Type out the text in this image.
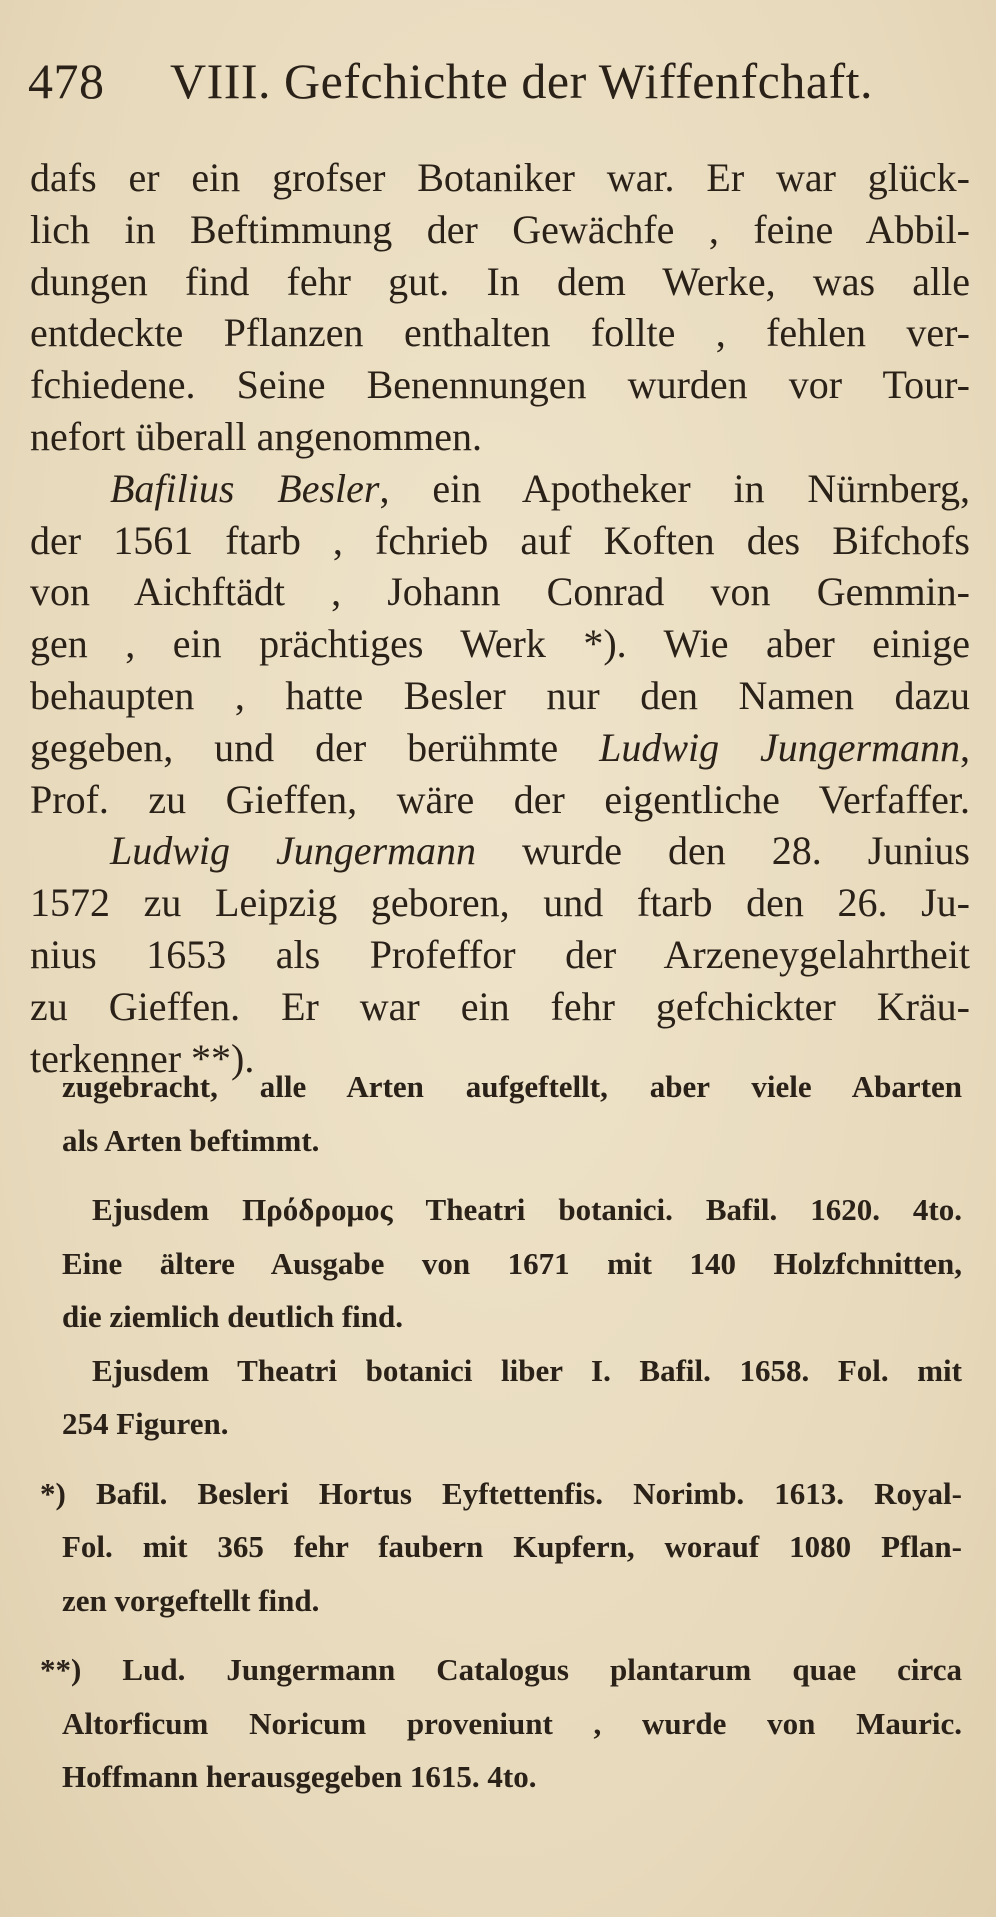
478 VIII. Gefchichte der Wiffenfchaft.
dafs er ein grofser Botaniker war. Er war glück-
lich in Beftimmung der Gewächfe , feine Abbil-
dungen find fehr gut. In dem Werke, was alle
entdeckte Pflanzen enthalten follte , fehlen ver-
fchiedene. Seine Benennungen wurden vor Tour-
nefort überall angenommen.
Bafilius Besler, ein Apotheker in Nürnberg,
der 1561 ftarb , fchrieb auf Koften des Bifchofs
von Aichftädt , Johann Conrad von Gemmin-
gen , ein prächtiges Werk *). Wie aber einige
behaupten , hatte Besler nur den Namen dazu
gegeben, und der berühmte Ludwig Jungermann,
Prof. zu Gieffen, wäre der eigentliche Verfaffer.
Ludwig Jungermann wurde den 28. Junius
1572 zu Leipzig geboren, und ftarb den 26. Ju-
nius 1653 als Profeffor der Arzeneygelahrtheit
zu Gieffen. Er war ein fehr gefchickter Kräu-
terkenner **).
zugebracht, alle Arten aufgeftellt, aber viele Abarten
als Arten beftimmt.
Ejusdem Πρόδρομος Theatri botanici. Bafil. 1620. 4to.
Eine ältere Ausgabe von 1671 mit 140 Holzfchnitten,
die ziemlich deutlich find.
Ejusdem Theatri botanici liber I. Bafil. 1658. Fol. mit
254 Figuren.
*) Bafil. Besleri Hortus Eyftettenfis. Norimb. 1613. Royal-
Fol. mit 365 fehr faubern Kupfern, worauf 1080 Pflan-
zen vorgeftellt find.
**) Lud. Jungermann Catalogus plantarum quae circa
Altorficum Noricum proveniunt , wurde von Mauric.
Hoffmann herausgegeben 1615. 4to.
